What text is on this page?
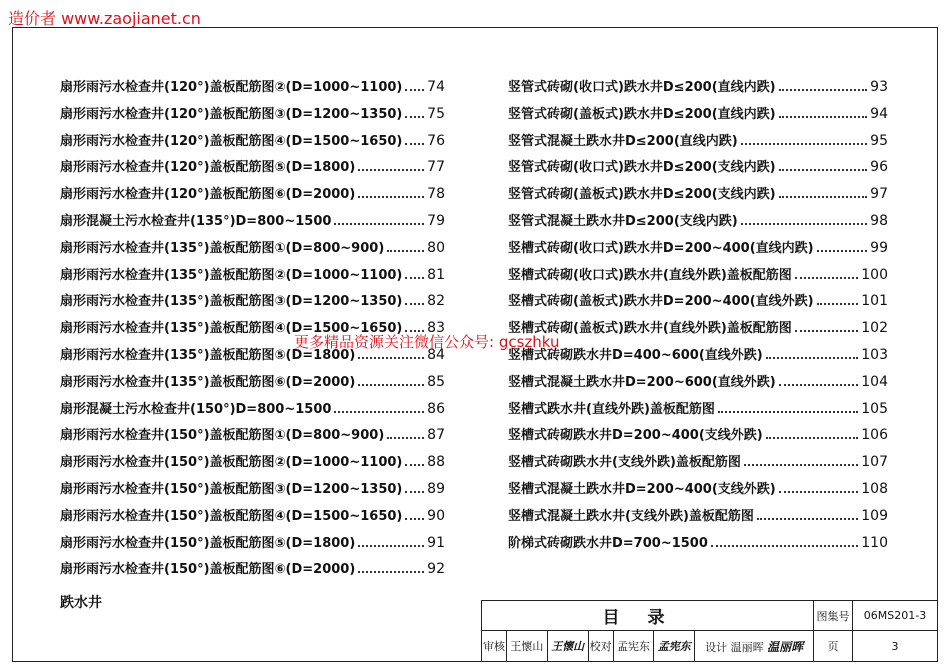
造价者 www.zaojianet.cn
扇形雨污水检查井(120°)盖板配筋图②(D=1000~1100) 74
扇形雨污水检查井(120°)盖板配筋图③(D=1200~1350) 75
扇形雨污水检查井(120°)盖板配筋图④(D=1500~1650) 76
扇形雨污水检查井(120°)盖板配筋图⑤(D=1800)	77
扇形雨污水检查井(120°)盖板配筋图⑥(D=2000)	78
扇形混凝土污水检查井(135°)D=800~1500	79
扇形雨污水检查井(135°)盖板配筋图①(D=800~900)	80
扇形雨污水检查井(135°)盖板配筋图②(D=1000~1100) 81
扇形雨污水检查井(135°)盖板配筋图③(D=1200~1350) 82
扇形雨污水检查井(135°)盖板配筋图④(D=1500~1650) 83
扇形雨污水检查井(135°)盖板配筋图⑤(D=1800)	84
扇形雨污水检查井(135°)盖板配筋图⑥(D=2000)	85
扇形混凝土污水检查井(150°)D=800~1500	86
扇形雨污水检查井(150°)盖板配筋图①(D=800~900)	87
扇形雨污水检查井(150°)盖板配筋图②(D=1000~1100) 88
扇形雨污水检查井(150°)盖板配筋图③(D=1200~1350) 89
扇形雨污水检查井(150°)盖板配筋图④(D=1500~1650) 90
扇形雨污水检查井(150°)盖板配筋图⑤(D=1800)	91
扇形雨污水检查井(150°)盖板配筋图⑥(D=2000)	92
跌水井
竖管式砖砌(收口式)跌水井D≤200(直线内跌)	93
竖管式砖砌(盖板式)跌水井D≤200(直线内跌)	94
竖管式混凝土跌水井D≤200(直线内跌)	95
竖管式砖砌(收口式)跌水井D≤200(支线内跌)	96
竖管式砖砌(盖板式)跌水井D≤200(支线内跌)	97
竖管式混凝土跌水井D≤200(支线内跌)	98
竖槽式砖砌(收口式)跌水井D=200~400(直线内跌)	99
竖槽式砖砌(收口式)跌水井(直线外跌)盖板配筋图	100
竖槽式砖砌(盖板式)跌水井D=200~400(直线外跌)	101
竖槽式砖砌(盖板式)跌水井(直线外跌)盖板配筋图	102
竖槽式砖砌跌水井D=400~600(直线外跌)	103
竖槽式混凝土跌水井D=200~600(直线外跌)	104
竖槽式跌水井(直线外跌)盖板配筋图	105
竖槽式砖砌跌水井D=200~400(支线外跌)	106
竖槽式砖砌跌水井(支线外跌)盖板配筋图	107
竖槽式混凝土跌水井D=200~400(支线外跌)	108
竖槽式混凝土跌水井(支线外跌)盖板配筋图	109
阶梯式砖砌跌水井D=700~1500	110
更多精品资源关注微信公众号: gcszhku
目录							图集号	06MS201-3
审核	王懷山	王懷山	校对	孟宪东	孟宪东	设计 温丽晖 温丽晖	页	3
